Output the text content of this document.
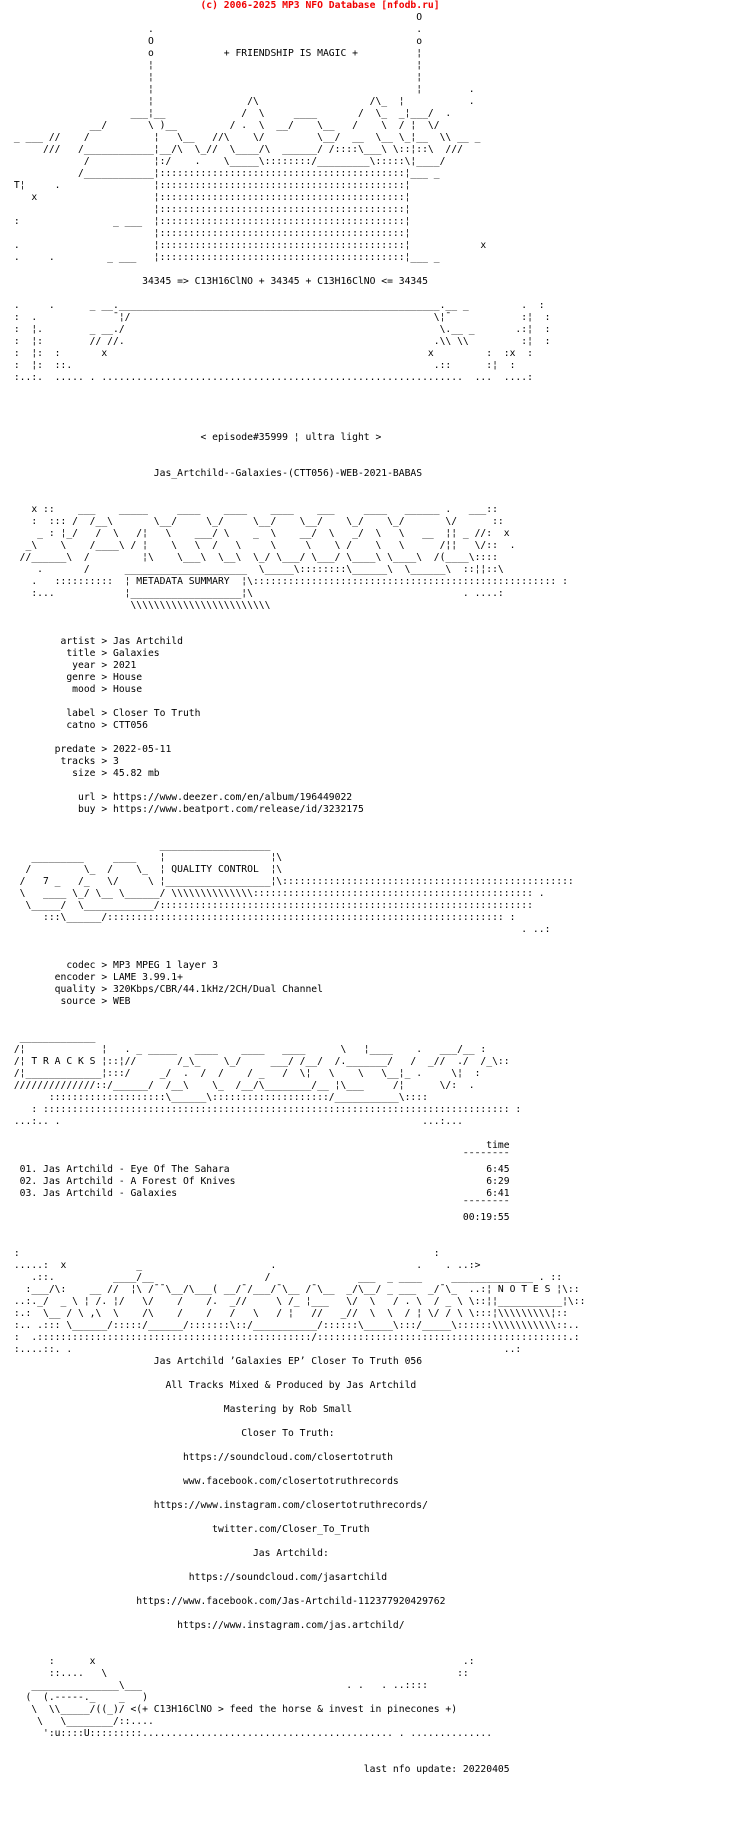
(c) 2006-2025 MP3 NFO Database [nfodb.ru]
O
.                                             .
O                                             o
o            + FRIENDSHIP IS MAGIC +          ¦
¦                                             ¦
¦                                             ¦
¦                                             ¦        .
¦                /\                   /\_  ¦           .
___¦__             /  \     ____       /  \_  _¦___/  .
__/       \ )__         / .  \  __/    \__   /    \  / ¦  \/
_ ___ //    /           ¦   \__   //\    \/         \__/  __  \__ \_¦__  \\ __ _
///   /____________¦__/\  \_//  \____/\  ______/ /::::\___\ \::¦::\  ///
/           ¦:/    .    \_____\::::::::/_________\:::::\¦____/
/____________¦::::::::::::::::::::::::::::::::::::::::::¦___ _
T¦     .                ¦::::::::::::::::::::::::::::::::::::::::::¦
x                    ¦::::::::::::::::::::::::::::::::::::::::::¦
¦::::::::::::::::::::::::::::::::::::::::::¦
:                _ ___  ¦::::::::::::::::::::::::::::::::::::::::::¦
¦::::::::::::::::::::::::::::::::::::::::::¦
.                       ¦::::::::::::::::::::::::::::::::::::::::::¦            x
.     .         _ ___   ¦::::::::::::::::::::::::::::::::::::::::::¦___ _
34345 => C13H16ClNO + 34345 + C13H16ClNO <= 34345
.     .      _ __._______________________________________________________.__ _         .  :
:  .             ¯¦/                                                    \¦¯            :¦  :
:  ¦.        _ __./                                                      \.__ _       .:¦  :
:  ¦:        // //.                                                     .\\ \\         :¦  :
:  ¦:  :       x                                                       x         :  :x  :
:  ¦:  ::.                                                              .::      :¦  :
:..:.  ..... . ..............................................................  ...  ....:
< episode#35999 ¦ ultra light >
Jas_Artchild--Galaxies-(CTT056)-WEB-2021-BABAS
x ::    ___    _____     ____    ____    ____    ___     ____   ______ .   ___::
:  ::: /  /__\       \__/     \_/     \__/    \__/    \_/    \_/       \/      ::
_ : ¦_/   /  \   /¦   \    ___/ \    _  \    __/  \   _/  \   \   __  ¦¦ _ //:  x
_\    \    /____\ / ¦    \   \  /   \     \     \    \ /    \   \      /¦¦   \/::  .
//______\  /         ¦\    \___\  \__\  \_/ \___/ \___/ \____\ \____\  /(____\::::
.       /      _____________________  \_____\::::::::\______\  \______\  ::¦¦::\
.   ::::::::::  ¦ METADATA SUMMARY  ¦\:::::::::::::::::::::::::::::::::::::::::::::::::::: :
:...            ¦___________________¦\                                    . ....:
\\\\\\\\\\\\\\\\\\\\\\\\
artist > Jas Artchild
title > Galaxies
year > 2021
genre > House
mood > House
label > Closer To Truth
catno > CTT056
predate > 2022-05-11
tracks > 3
size > 45.82 mb
url > https://www.deezer.com/en/album/196449022
buy > https://www.beatport.com/release/id/3232175
___________________
_________     ____    ¦                  ¦\
/         \_  /    \_  ¦ QUALITY CONTROL  ¦\
/   7 _   /_   \/     \ ¦__________________¦\::::::::::::::::::::::::::::::::::::::::::::::::::
\   ____ \_/ \__ \______/ \\\\\\\\\\\\\\:::::::::::::::::::::::::::::::::::::::::::::::: .
\_____/  \____________/::::::::::::::::::::::::::::::::::::::::::::::::::::::::::::::::
:::\______/:::::::::::::::::::::::::::::::::::::::::::::::::::::::::::::::::::: :
. ..:
codec > MP3 MPEG 1 layer 3
encoder > LAME 3.99.1+
quality > 320Kbps/CBR/44.1kHz/2CH/Dual Channel
source > WEB
_____________
/¦             ¦   . _ _____   ____    ____   ____      \   ¦____    .   ___/__ :
/¦ T R A C K S ¦::¦//       /_\_    \_/     ___/ /__/  /._______/   /  _//  ./  /_\::
/¦_____________¦:::/     _/  .  /  /    / _   /  \¦   \    \   \__¦_ .     \¦  :
//////////////::/______/  /__\    \_  /__/\________/__ ¦\___     /¦      \/:  .
::::::::::::::::::::\______\::::::::::::::::::::/___________\::::
: :::::::::::::::::::::::::::::::::::::::::::::::::::::::::::::::::::::::::::::::: :
...:.. .                                                              ...:...
time
¯¯¯¯¯¯¯¯
01. Jas Artchild - Eye Of The Sahara                                            6:45
02. Jas Artchild - A Forest Of Knives                                           6:29
03. Jas Artchild - Galaxies                                                     6:41
¯¯¯¯¯¯¯¯
00:19:55
:                                                                       :
.....:  x            _                      .                        .    . ..:>
.::.          ____/__                   /               ___  _ ____     ______________ . ::
:___/\:    __ //  ¦\ /¯¯\__/\___( __/¯/___/¯\__ /¯\__  _/\__/ _ ___  _/¯\_  ..:¦ N O T E S ¦\::
..:._/  _ \ ¦ /. ¦/   \/    /    /.  _//     \ /_ ¦___   \/  \   / . \  / _ \ \::¦¦___________¦\::
:.:  \__ / \ ,\  \    /\    /    /   /   \   / ¦   //   _//  \  \  / ¦ \/ / \ \:::¦\\\\\\\\\¦::
:.. .::: \______/:::::/______/:::::::\::/___________/::::::\_____\:::/_____\::::::\\\\\\\\\\\::..
:  .:::::::::::::::::::::::::::::::::::::::::::::::/:::::::::::::::::::::::::::::::::::::::::::.:
:....::. .                                                                          ..:
Jas Artchild ’Galaxies EP’ Closer To Truth 056
All Tracks Mixed & Produced by Jas Artchild
Mastering by Rob Small
Closer To Truth:
https://soundcloud.com/closertotruth
www.facebook.com/closertotruthrecords
https://www.instagram.com/closertotruthrecords/
twitter.com/Closer_To_Truth
Jas Artchild:
https://soundcloud.com/jasartchild
https://www.facebook.com/Jas-Artchild-112377920429762
https://www.instagram.com/jas.artchild/
:      x                                                               .:
::....   \                                                            ::
_______________\___                                   . .   . ..::::
(  (.-----._    _   )
\  \\_____/((_)/ <(+ C13H16ClNO > feed the horse & invest in pinecones +)
\   \________/::....
':u::::U:::::::::........................................... . ..............
last nfo update: 20220405
